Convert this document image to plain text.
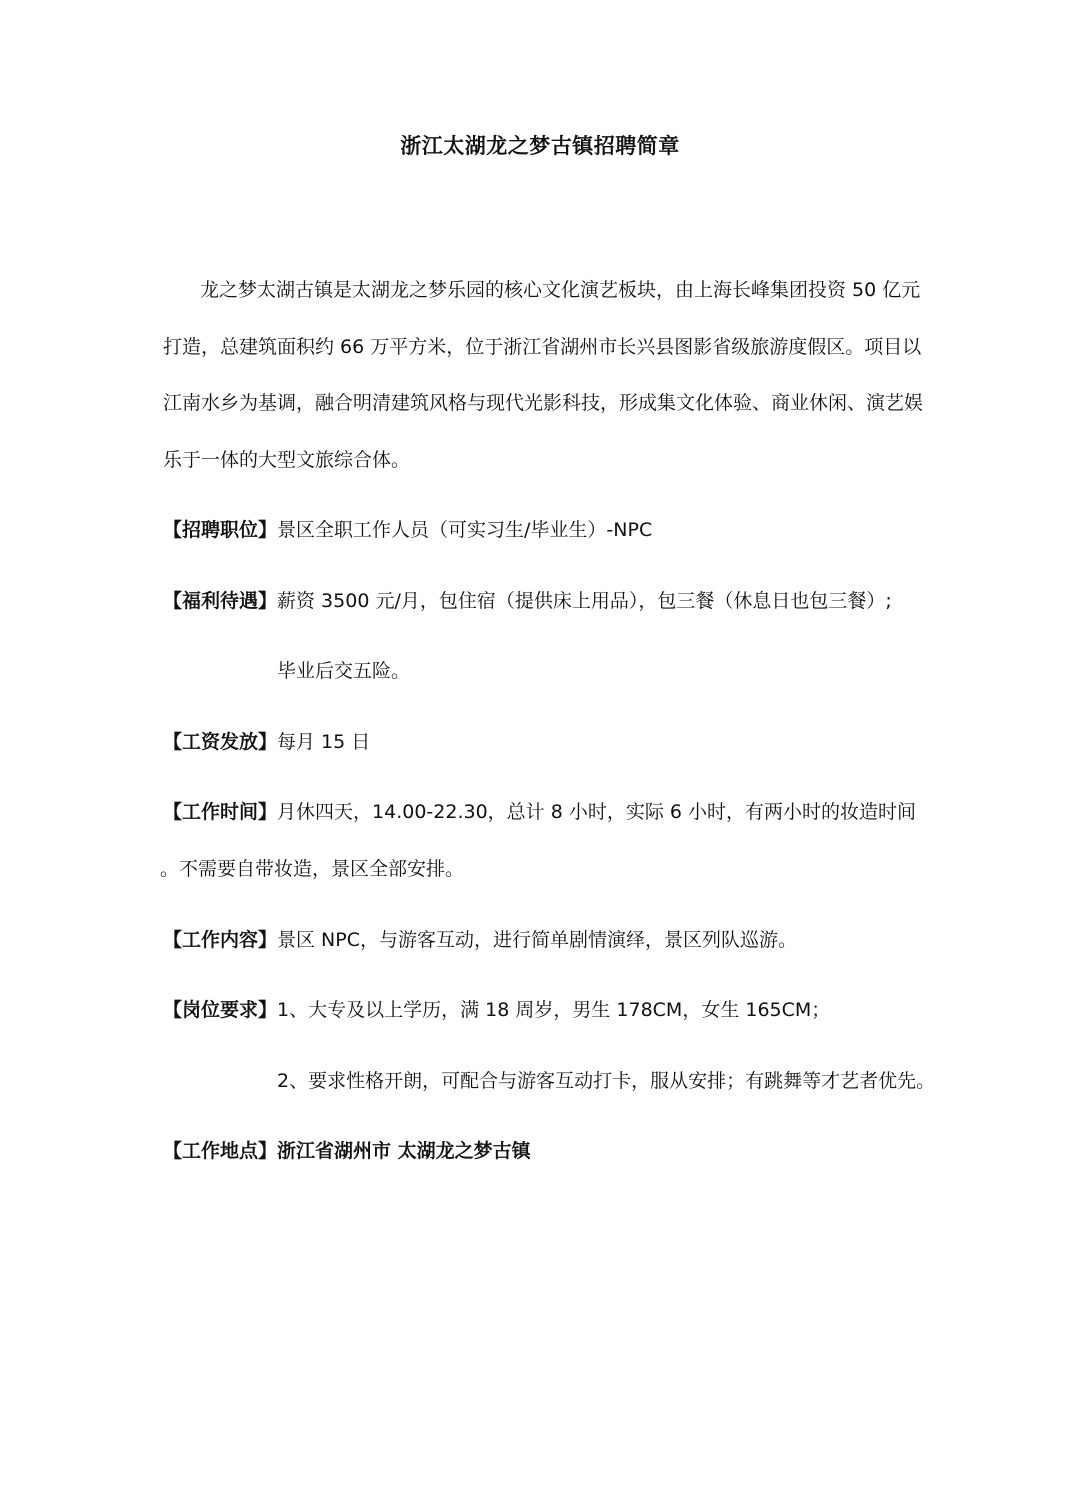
浙江太湖龙之梦古镇招聘简章
龙之梦太湖古镇是太湖龙之梦乐园的核心文化演艺板块，由上海长峰集团投资 50 亿元
打造，总建筑面积约 66 万平方米，位于浙江省湖州市长兴县图影省级旅游度假区。项目以
江南水乡为基调，融合明清建筑风格与现代光影科技，形成集文化体验、商业休闲、演艺娱
乐于一体的大型文旅综合体。
【招聘职位】景区全职工作人员（可实习生/毕业生）-NPC
【福利待遇】薪资 3500 元/月，包住宿（提供床上用品），包三餐（休息日也包三餐）;
毕业后交五险。
【工资发放】每月 15 日
【工作时间】月休四天，14.00-22.30，总计 8 小时，实际 6 小时，有两小时的妆造时间
。不需要自带妆造，景区全部安排。
【工作内容】景区 NPC，与游客互动，进行简单剧情演绎，景区列队巡游。
【岗位要求】1、大专及以上学历，满 18 周岁，男生 178CM，女生 165CM；
2、要求性格开朗，可配合与游客互动打卡，服从安排；有跳舞等才艺者优先。
【工作地点】浙江省湖州市 太湖龙之梦古镇
